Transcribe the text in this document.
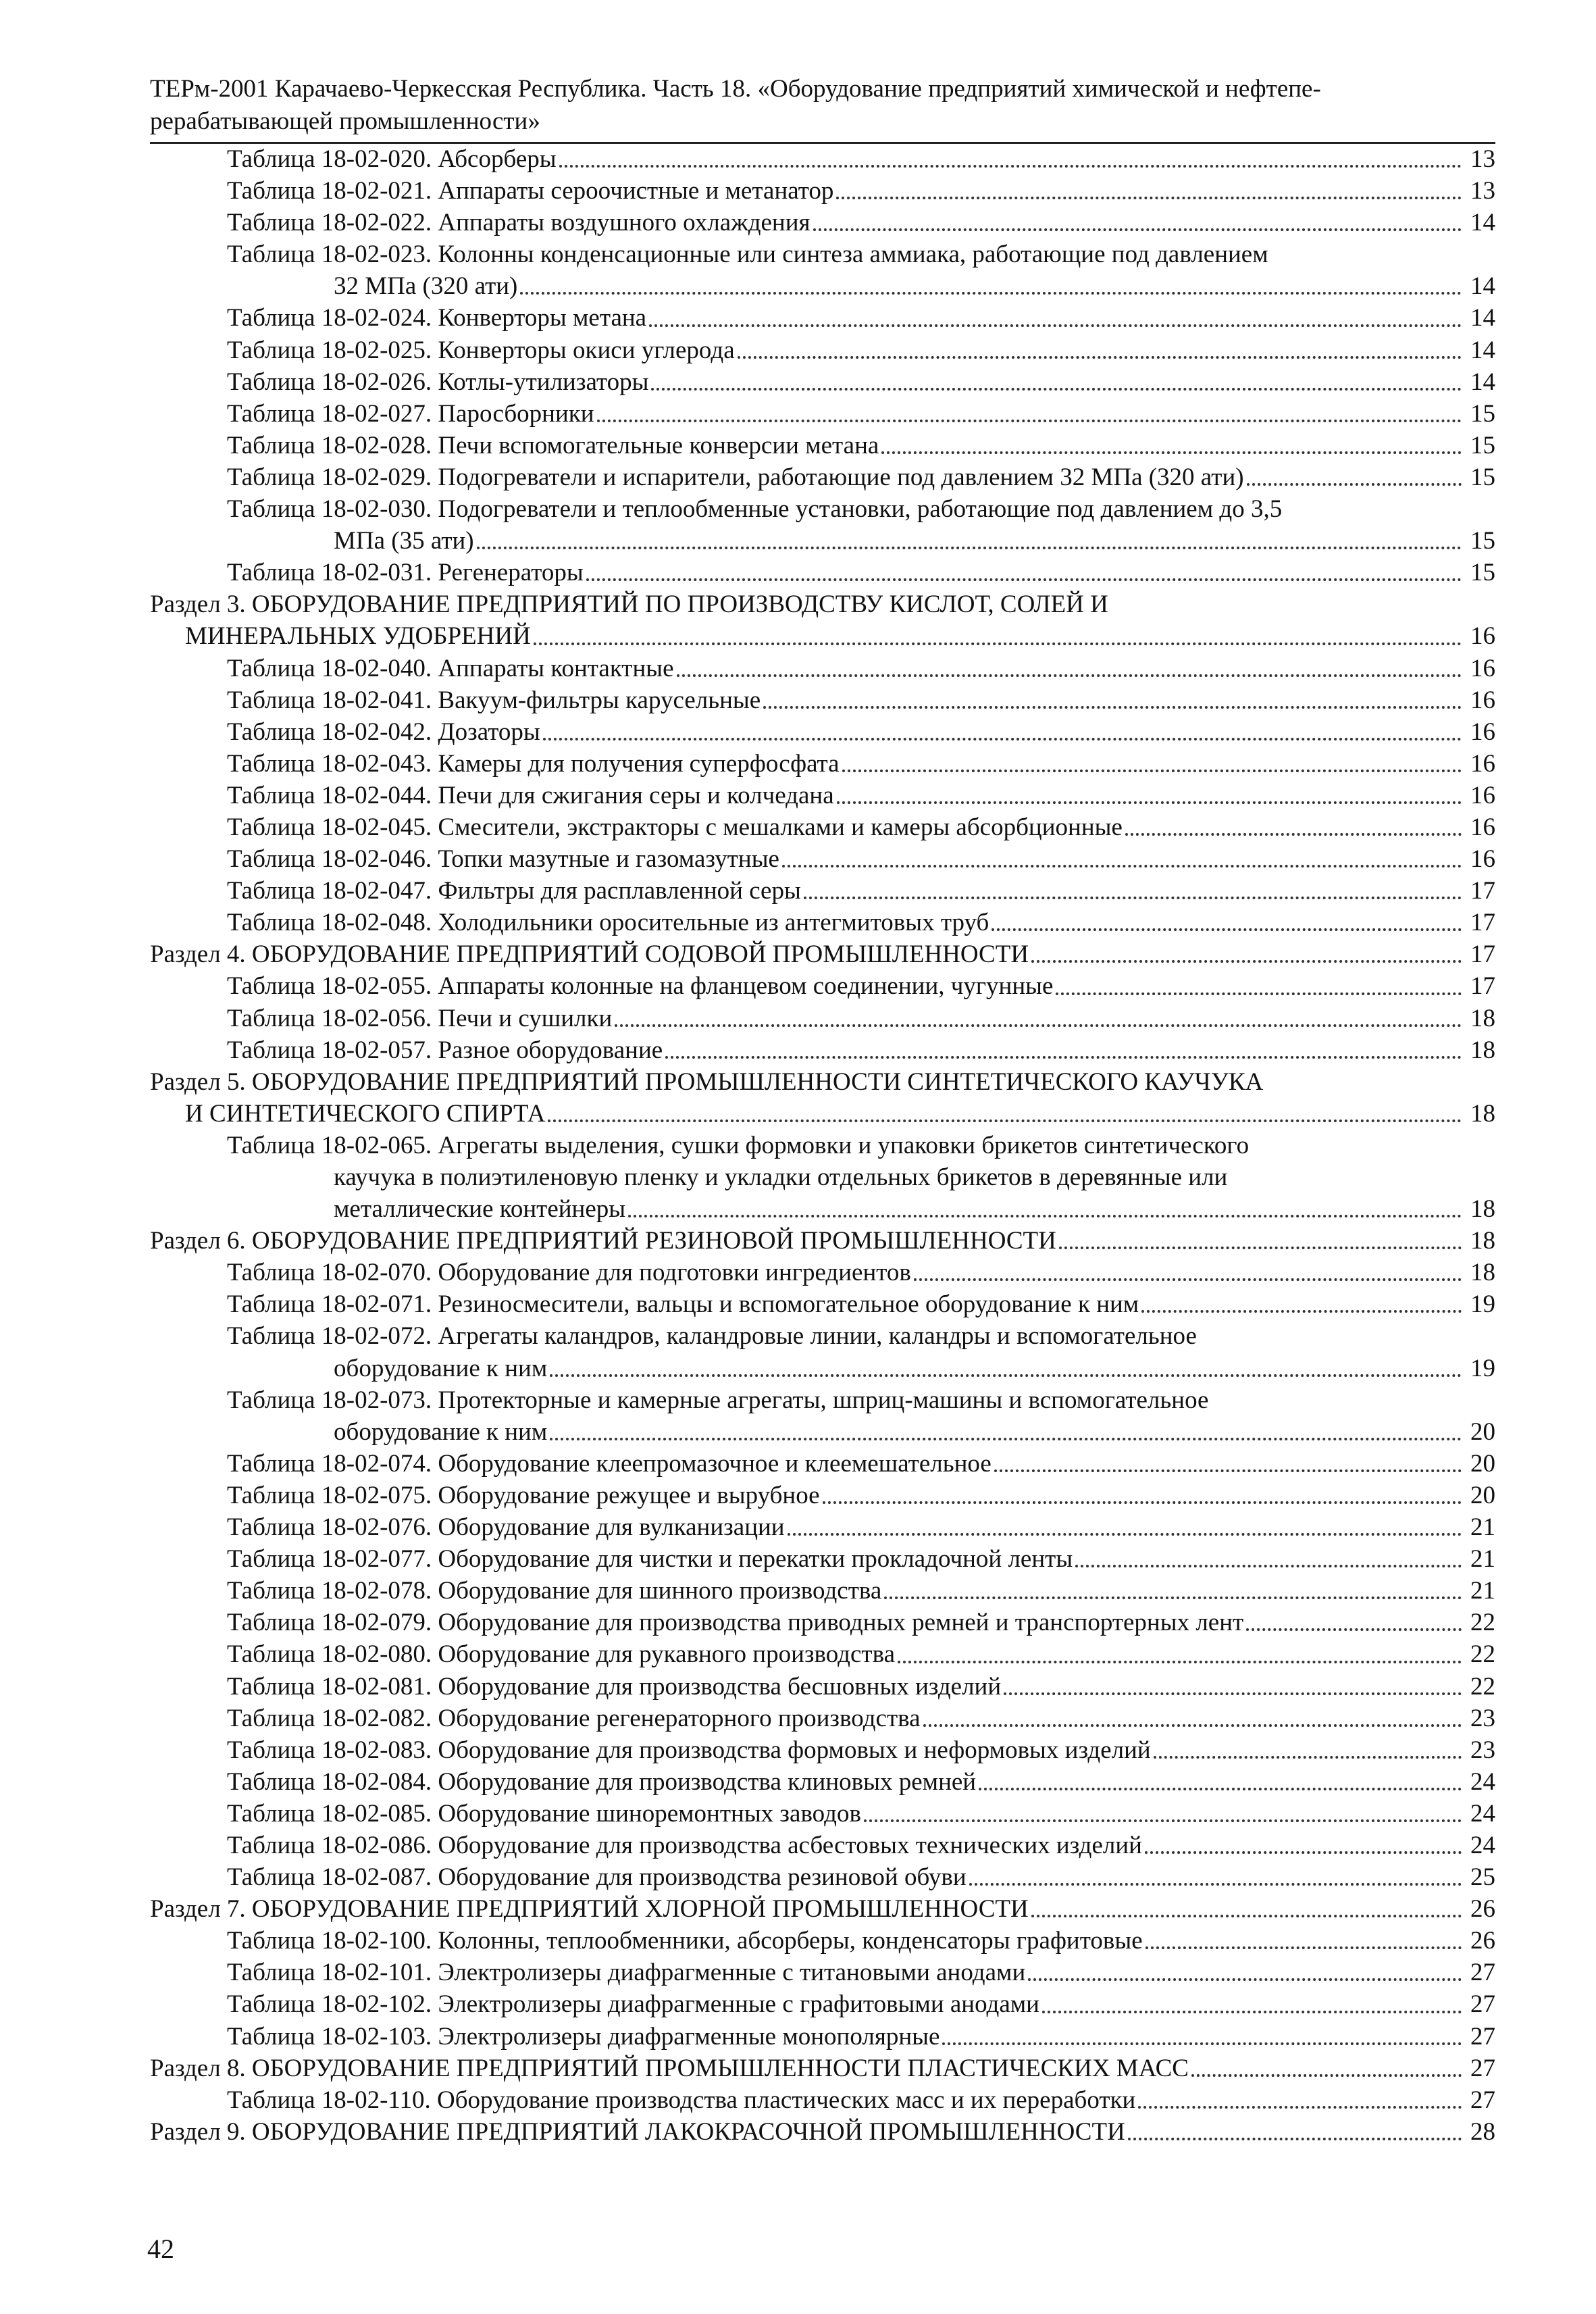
ТЕРм-2001 Карачаево-Черкесская Республика. Часть 18. «Оборудование предприятий химической и нефтепе-
рерабатывающей промышленности»
Таблица 18-02-020. Абсорберы	13
Таблица 18-02-021. Аппараты сероочистные и метанатор	13
Таблица 18-02-022. Аппараты воздушного охлаждения	14
Таблица 18-02-023. Колонны конденсационные или синтеза аммиака, работающие под давлением
32 МПа (320 ати)	14
Таблица 18-02-024. Конверторы метана	14
Таблица 18-02-025. Конверторы окиси углерода	14
Таблица 18-02-026. Котлы-утилизаторы	14
Таблица 18-02-027. Паросборники	15
Таблица 18-02-028. Печи вспомогательные конверсии метана	15
Таблица 18-02-029. Подогреватели и испарители, работающие под давлением 32 МПа (320 ати)	15
Таблица 18-02-030. Подогреватели и теплообменные установки, работающие под давлением до 3,5
МПа (35 ати)	15
Таблица 18-02-031. Регенераторы	15
Раздел 3. ОБОРУДОВАНИЕ ПРЕДПРИЯТИЙ ПО ПРОИЗВОДСТВУ КИСЛОТ, СОЛЕЙ И
МИНЕРАЛЬНЫХ УДОБРЕНИЙ	16
Таблица 18-02-040. Аппараты контактные	16
Таблица 18-02-041. Вакуум-фильтры карусельные	16
Таблица 18-02-042. Дозаторы	16
Таблица 18-02-043. Камеры для получения суперфосфата	16
Таблица 18-02-044. Печи для сжигания серы и колчедана	16
Таблица 18-02-045. Смесители, экстракторы с мешалками и камеры абсорбционные	16
Таблица 18-02-046. Топки мазутные и газомазутные	16
Таблица 18-02-047. Фильтры для расплавленной серы	17
Таблица 18-02-048. Холодильники оросительные из антегмитовых труб	17
Раздел 4. ОБОРУДОВАНИЕ ПРЕДПРИЯТИЙ СОДОВОЙ ПРОМЫШЛЕННОСТИ	17
Таблица 18-02-055. Аппараты колонные на фланцевом соединении, чугунные	17
Таблица 18-02-056. Печи и сушилки	18
Таблица 18-02-057. Разное оборудование	18
Раздел 5. ОБОРУДОВАНИЕ ПРЕДПРИЯТИЙ ПРОМЫШЛЕННОСТИ СИНТЕТИЧЕСКОГО КАУЧУКА
И СИНТЕТИЧЕСКОГО СПИРТА	18
Таблица 18-02-065. Агрегаты выделения, сушки формовки и упаковки брикетов синтетического
каучука в полиэтиленовую пленку и укладки отдельных брикетов в деревянные или
металлические контейнеры	18
Раздел 6. ОБОРУДОВАНИЕ ПРЕДПРИЯТИЙ РЕЗИНОВОЙ ПРОМЫШЛЕННОСТИ	18
Таблица 18-02-070. Оборудование для подготовки ингредиентов	18
Таблица 18-02-071. Резиносмесители, вальцы и вспомогательное оборудование к ним	19
Таблица 18-02-072. Агрегаты каландров, каландровые линии, каландры и вспомогательное
оборудование к ним	19
Таблица 18-02-073. Протекторные и камерные агрегаты, шприц-машины и вспомогательное
оборудование к ним	20
Таблица 18-02-074. Оборудование клеепромазочное и клеемешательное	20
Таблица 18-02-075. Оборудование режущее и вырубное	20
Таблица 18-02-076. Оборудование для вулканизации	21
Таблица 18-02-077. Оборудование для чистки и перекатки прокладочной ленты	21
Таблица 18-02-078. Оборудование для шинного производства	21
Таблица 18-02-079. Оборудование для производства приводных ремней и транспортерных лент	22
Таблица 18-02-080. Оборудование для рукавного производства	22
Таблица 18-02-081. Оборудование для производства бесшовных изделий	22
Таблица 18-02-082. Оборудование регенераторного производства	23
Таблица 18-02-083. Оборудование для производства формовых и неформовых изделий	23
Таблица 18-02-084. Оборудование для производства клиновых ремней	24
Таблица 18-02-085. Оборудование шиноремонтных заводов	24
Таблица 18-02-086. Оборудование для производства асбестовых технических изделий	24
Таблица 18-02-087. Оборудование для производства резиновой обуви	25
Раздел 7. ОБОРУДОВАНИЕ ПРЕДПРИЯТИЙ ХЛОРНОЙ ПРОМЫШЛЕННОСТИ	26
Таблица 18-02-100. Колонны, теплообменники, абсорберы, конденсаторы графитовые	26
Таблица 18-02-101. Электролизеры диафрагменные с титановыми анодами	27
Таблица 18-02-102. Электролизеры диафрагменные с графитовыми анодами	27
Таблица 18-02-103. Электролизеры диафрагменные монополярные	27
Раздел 8. ОБОРУДОВАНИЕ ПРЕДПРИЯТИЙ ПРОМЫШЛЕННОСТИ ПЛАСТИЧЕСКИХ МАСС	27
Таблица 18-02-110. Оборудование производства пластических масс и их переработки	27
Раздел 9. ОБОРУДОВАНИЕ ПРЕДПРИЯТИЙ ЛАКОКРАСОЧНОЙ ПРОМЫШЛЕННОСТИ	28
42
